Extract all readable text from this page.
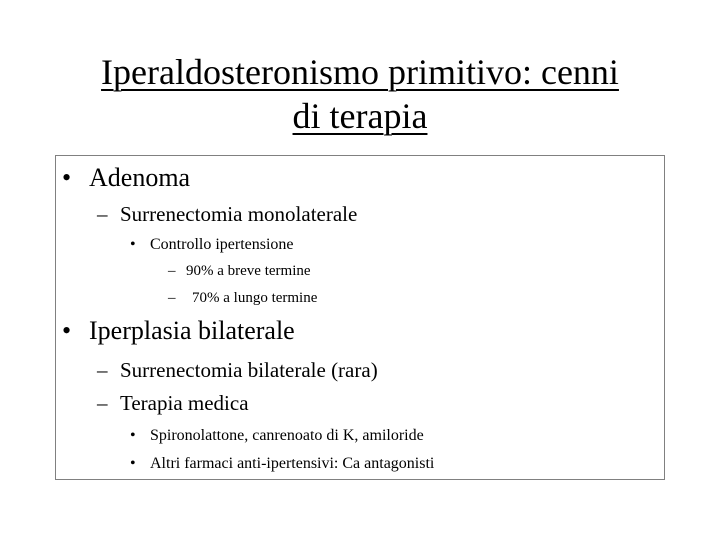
Iperaldosteronismo primitivo: cenni
di terapia
• Adenoma
– Surrenectomia monolaterale
• Controllo ipertensione
– 90% a breve termine
– 70% a lungo termine
• Iperplasia bilaterale
– Surrenectomia bilaterale (rara)
– Terapia medica
• Spironolattone, canrenoato di K, amiloride
• Altri farmaci anti-ipertensivi: Ca antagonisti
